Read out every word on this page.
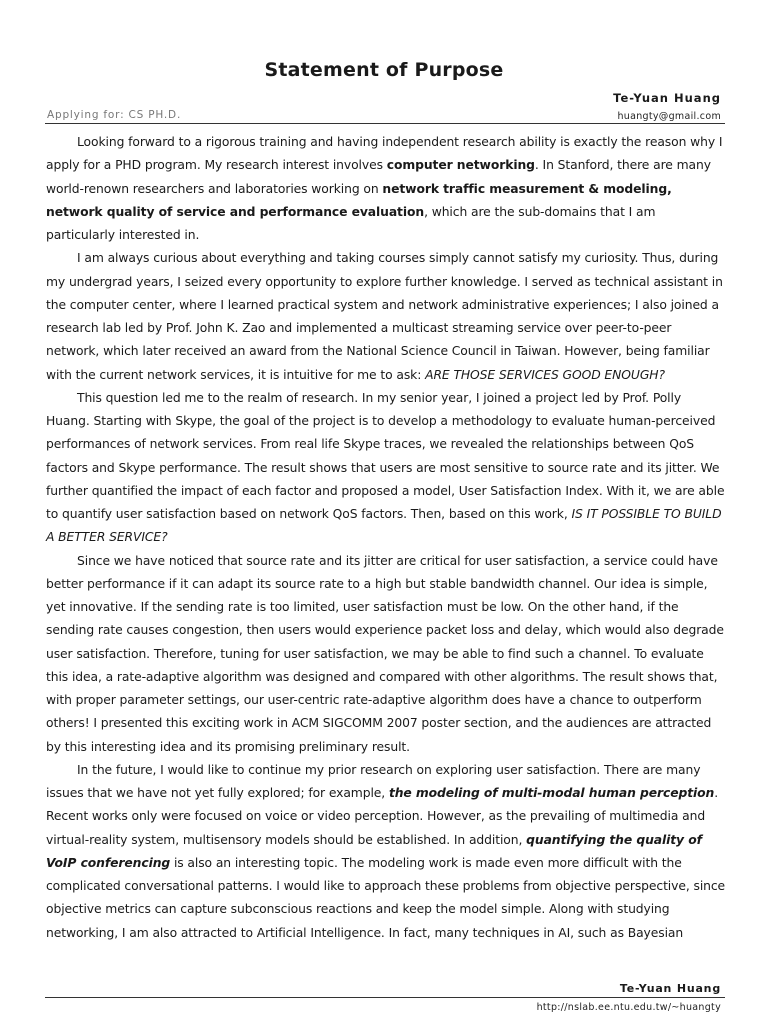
Statement of Purpose
Te-Yuan Huang
Applying for: CS PH.D.	huangty@gmail.com

Looking forward to a rigorous training and having independent research ability is exactly the reason why I apply for a PHD program. My research interest involves computer networking. In Stanford, there are many world-renown researchers and laboratories working on network traffic measurement & modeling, network quality of service and performance evaluation, which are the sub-domains that I am particularly interested in.

I am always curious about everything and taking courses simply cannot satisfy my curiosity. Thus, during my undergrad years, I seized every opportunity to explore further knowledge. I served as technical assistant in the computer center, where I learned practical system and network administrative experiences; I also joined a research lab led by Prof. John K. Zao and implemented a multicast streaming service over peer-to-peer network, which later received an award from the National Science Council in Taiwan. However, being familiar with the current network services, it is intuitive for me to ask: ARE THOSE SERVICES GOOD ENOUGH?

This question led me to the realm of research. In my senior year, I joined a project led by Prof. Polly Huang. Starting with Skype, the goal of the project is to develop a methodology to evaluate human-perceived performances of network services. From real life Skype traces, we revealed the relationships between QoS factors and Skype performance. The result shows that users are most sensitive to source rate and its jitter. We further quantified the impact of each factor and proposed a model, User Satisfaction Index. With it, we are able to quantify user satisfaction based on network QoS factors. Then, based on this work, IS IT POSSIBLE TO BUILD A BETTER SERVICE?

Since we have noticed that source rate and its jitter are critical for user satisfaction, a service could have better performance if it can adapt its source rate to a high but stable bandwidth channel. Our idea is simple, yet innovative. If the sending rate is too limited, user satisfaction must be low. On the other hand, if the sending rate causes congestion, then users would experience packet loss and delay, which would also degrade user satisfaction. Therefore, tuning for user satisfaction, we may be able to find such a channel. To evaluate this idea, a rate-adaptive algorithm was designed and compared with other algorithms. The result shows that, with proper parameter settings, our user-centric rate-adaptive algorithm does have a chance to outperform others! I presented this exciting work in ACM SIGCOMM 2007 poster section, and the audiences are attracted by this interesting idea and its promising preliminary result.

In the future, I would like to continue my prior research on exploring user satisfaction. There are many issues that we have not yet fully explored; for example, the modeling of multi-modal human perception. Recent works only were focused on voice or video perception. However, as the prevailing of multimedia and virtual-reality system, multisensory models should be established. In addition, quantifying the quality of VoIP conferencing is also an interesting topic. The modeling work is made even more difficult with the complicated conversational patterns. I would like to approach these problems from objective perspective, since objective metrics can capture subconscious reactions and keep the model simple. Along with studying networking, I am also attracted to Artificial Intelligence. In fact, many techniques in AI, such as Bayesian

Te-Yuan Huang
http://nslab.ee.ntu.edu.tw/~huangty
